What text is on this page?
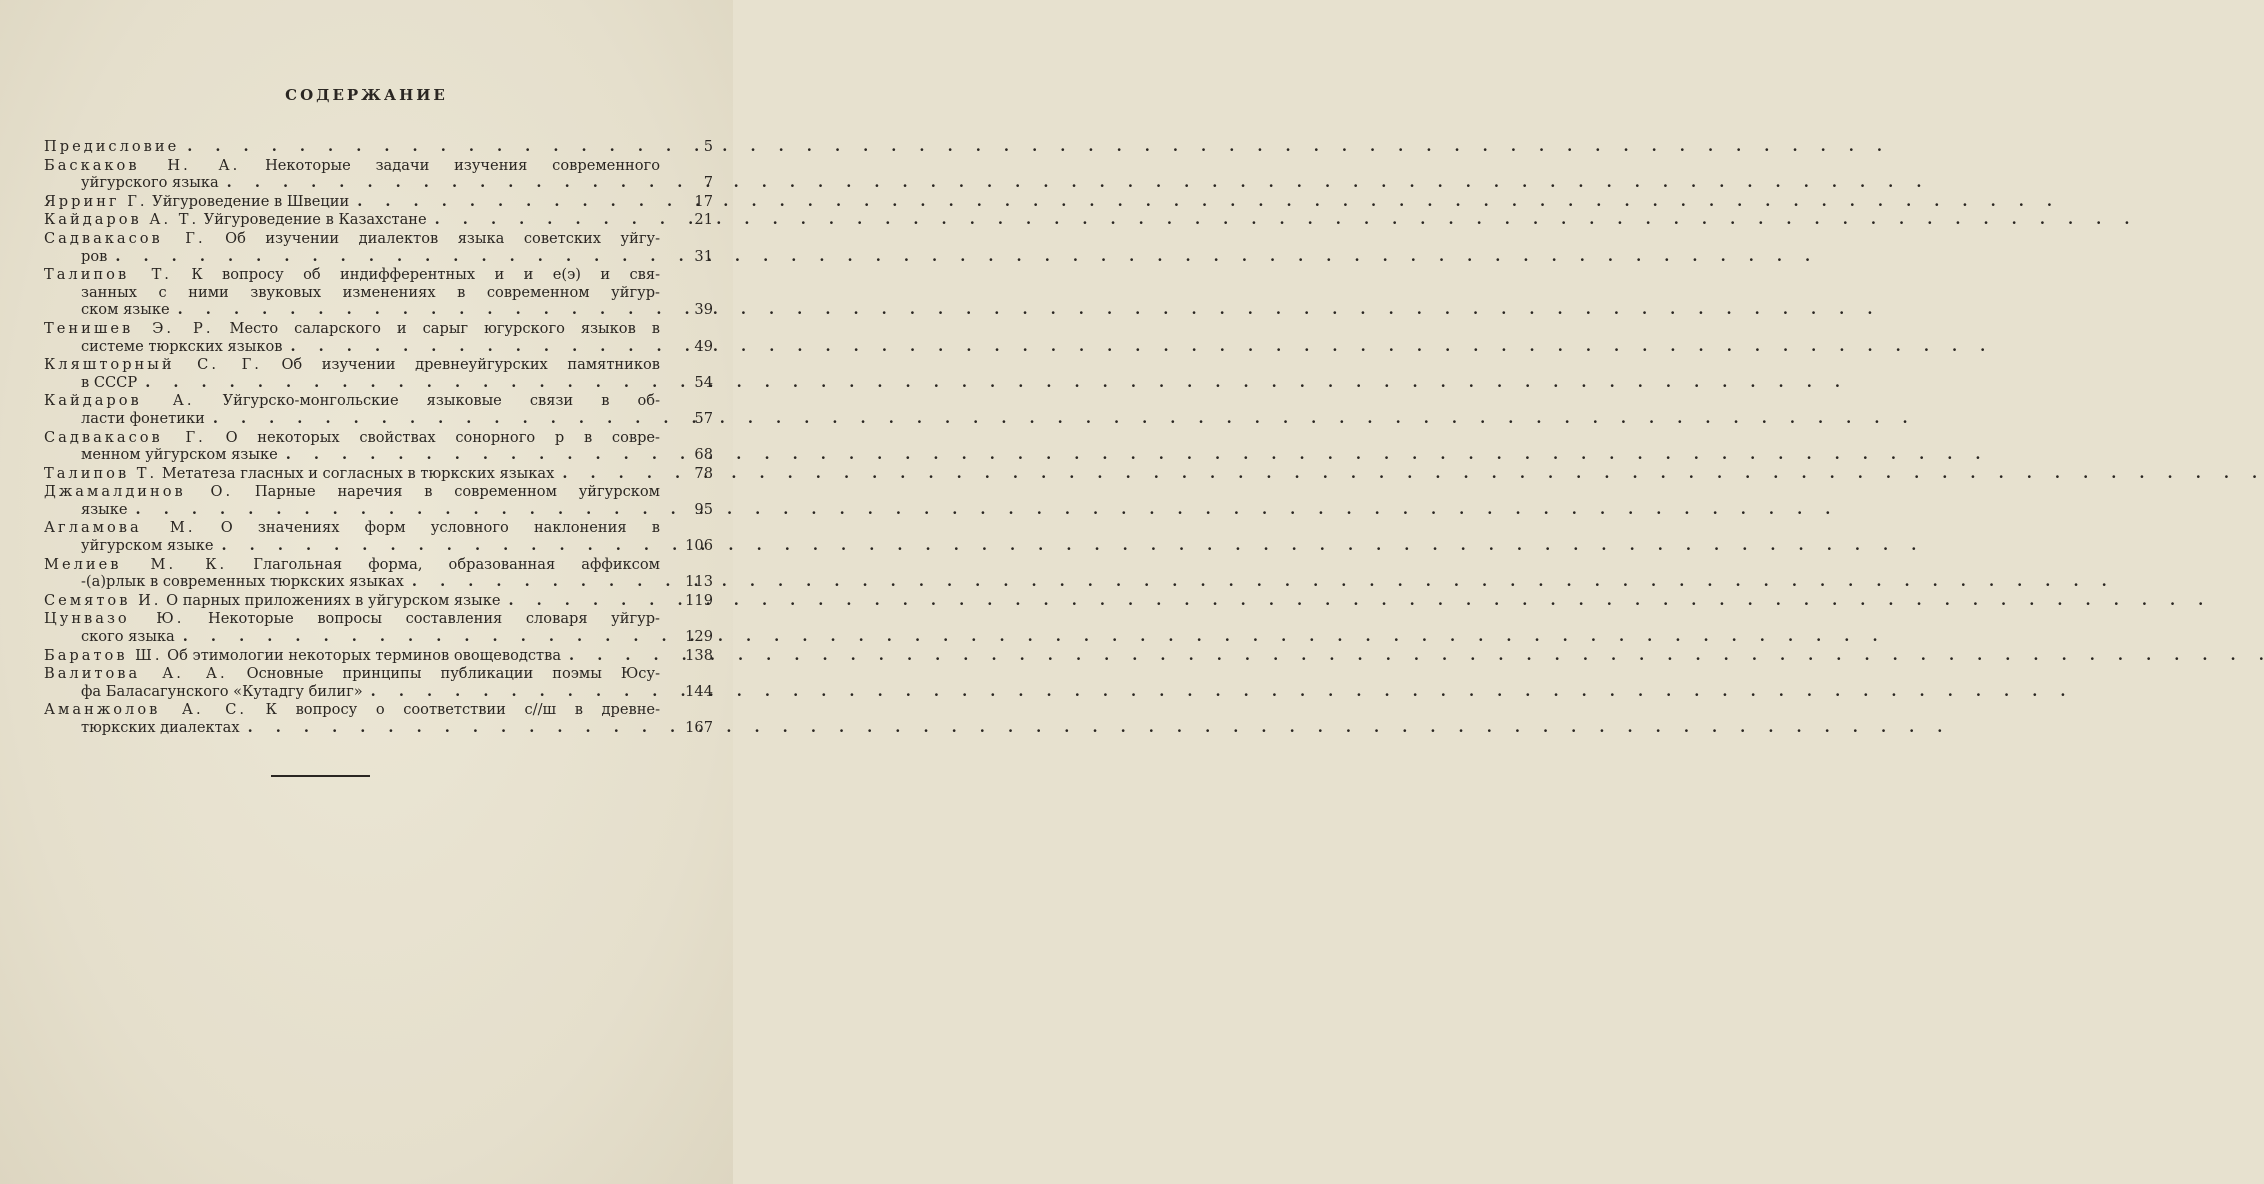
СОДЕРЖАНИЕ
Предисловие . . .	5
Баскаков Н. А. Некоторые задачи изучения современного
уйгурского языка . . .	7
Ярринг Г. Уйгуроведение в Швеции . . .	17
Кайдаров А. Т. Уйгуроведение в Казахстане . . .	21
Садвакасов Г. Об изучении диалектов языка советских уйгу-
ров . . .	31
Талипов Т. К вопросу об индифферентных и и е(э) и свя-
занных с ними звуковых изменениях в современном уйгур-
ском языке . . .	39
Тенишев Э. Р. Место саларского и сарыг югурского языков в
системе тюркских языков . . .	49
Кляшторный С. Г. Об изучении древнеуйгурских памятников
в СССР . . .	54
Кайдаров А. Уйгурско-монгольские языковые связи в об-
ласти фонетики . . .	57
Садвакасов Г. О некоторых свойствах сонорного р в совре-
менном уйгурском языке . . .	68
Талипов Т. Метатеза гласных и согласных в тюркских языках . . .	78
Джамалдинов О. Парные наречия в современном уйгурском
языке . . .	95
Агламова М. О значениях форм условного наклонения в
уйгурском языке . . .	106
Мелиев М. К. Глагольная форма, образованная аффиксом
-(а)рлык в современных тюркских языках . . .	113
Семятов И. О парных приложениях в уйгурском языке . . .	119
Цунвазо Ю. Некоторые вопросы составления словаря уйгур-
ского языка . . .	129
Баратов Ш. Об этимологии некоторых терминов овощеводства . . .	138
Валитова А. А. Основные принципы публикации поэмы Юсу-
фа Баласагунского «Кутадгу билиг» . . .	144
Аманжолов А. С. К вопросу о соответствии с//ш в древне-
тюркских диалектах . . .	167
